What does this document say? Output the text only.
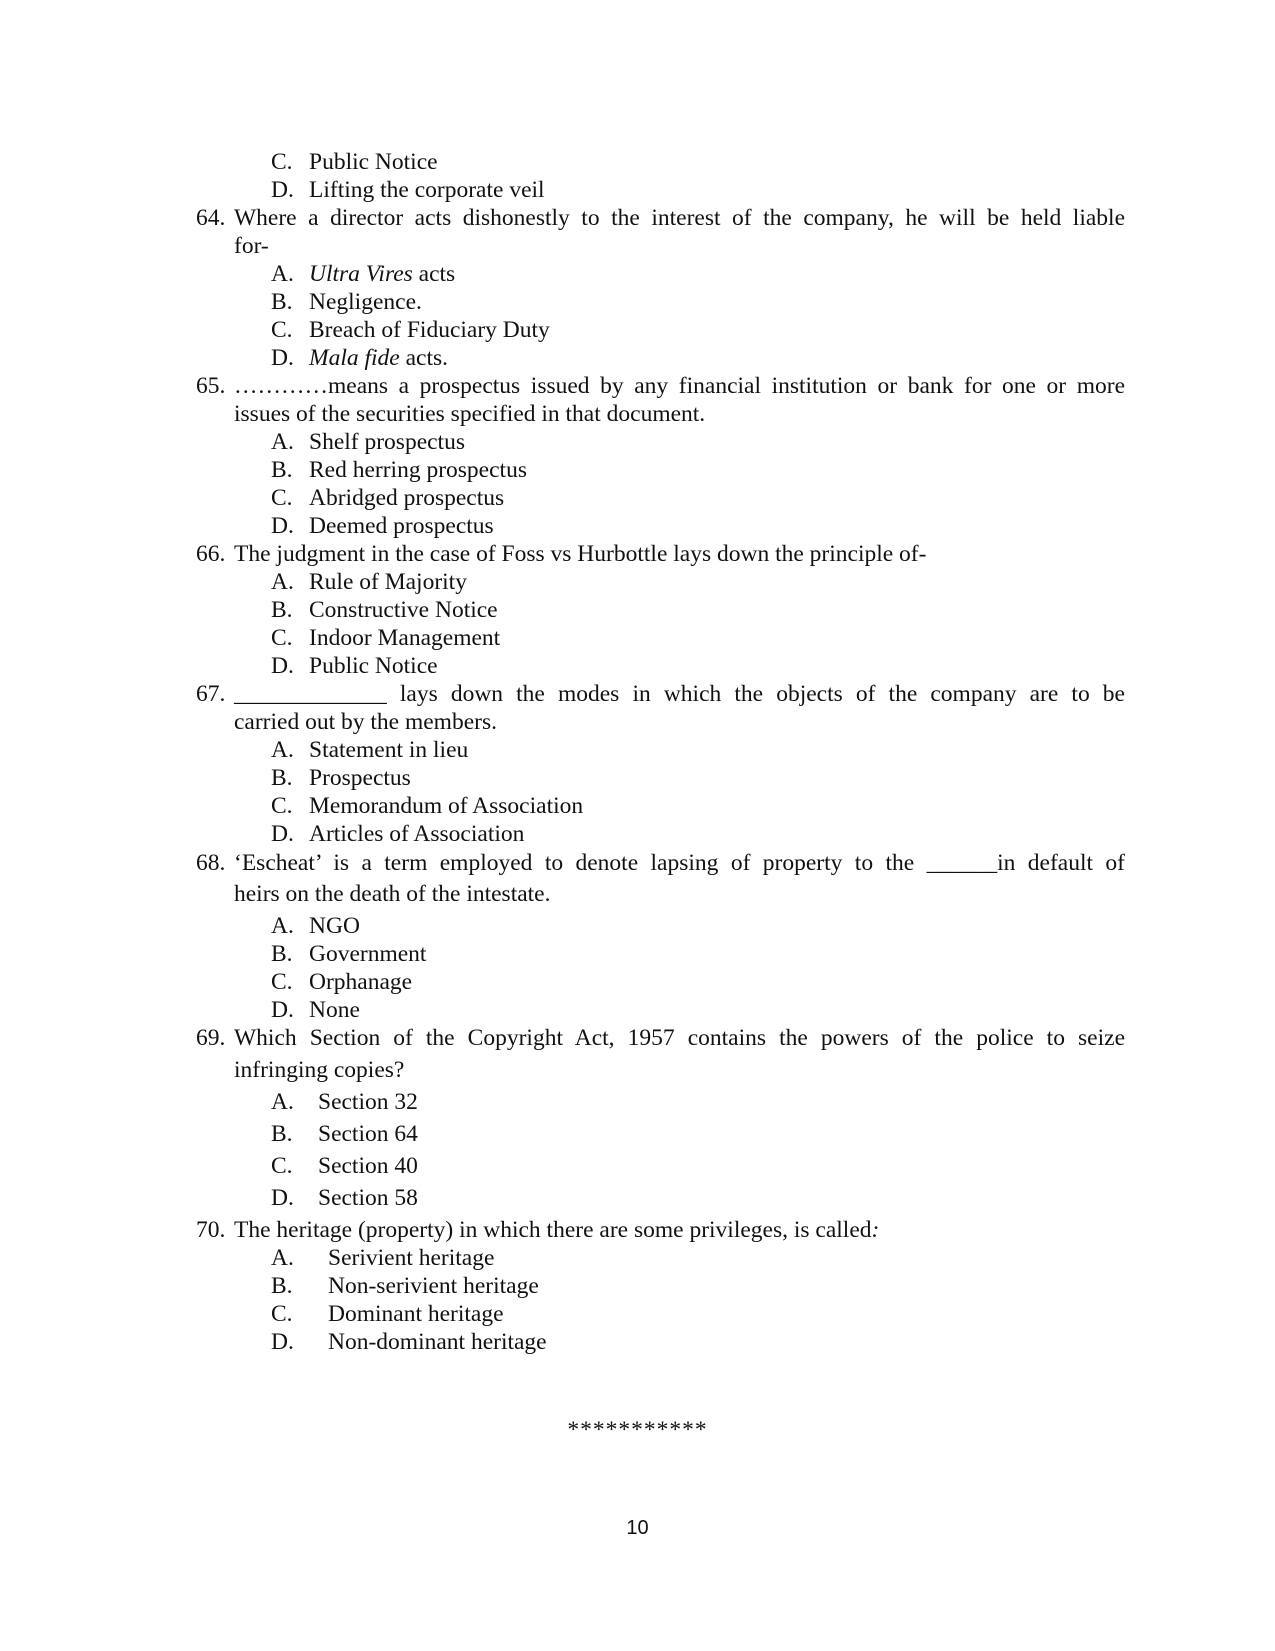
C. Public Notice
D. Lifting the corporate veil
64. Where a director acts dishonestly to the interest of the company, he will be held liable
for-
A. Ultra Vires acts
B. Negligence.
C. Breach of Fiduciary Duty
D. Mala fide acts.
65. …………means a prospectus issued by any financial institution or bank for one or more
issues of the securities specified in that document.
A. Shelf prospectus
B. Red herring prospectus
C. Abridged prospectus
D. Deemed prospectus
66. The judgment in the case of Foss vs Hurbottle lays down the principle of-
A. Rule of Majority
B. Constructive Notice
C. Indoor Management
D. Public Notice
67. _____________ lays down the modes in which the objects of the company are to be
carried out by the members.
A. Statement in lieu
B. Prospectus
C. Memorandum of Association
D. Articles of Association
68. ‘Escheat’ is a term employed to denote lapsing of property to the ______in default of
heirs on the death of the intestate.
A. NGO
B. Government
C. Orphanage
D. None
69. Which Section of the Copyright Act, 1957 contains the powers of the police to seize
infringing copies?
A. Section 32
B. Section 64
C. Section 40
D. Section 58
70. The heritage (property) in which there are some privileges, is called:
A. Serivient heritage
B. Non-serivient heritage
C. Dominant heritage
D. Non-dominant heritage
***********
10
